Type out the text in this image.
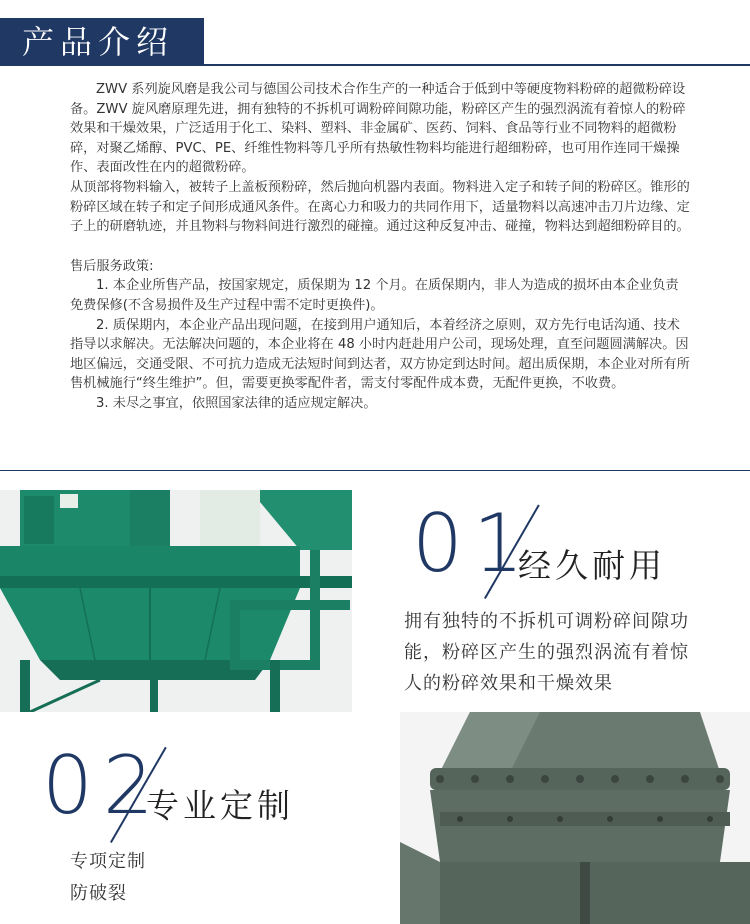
产品介绍

ZWV 系列旋风磨是我公司与德国公司技术合作生产的一种适合于低到中等硬度物料粉碎的超微粉碎设备。ZWV 旋风磨原理先进，拥有独特的不拆机可调粉碎间隙功能，粉碎区产生的强烈涡流有着惊人的粉碎效果和干燥效果，广泛适用于化工、染料、塑料、非金属矿、医药、饲料、食品等行业不同物料的超微粉碎，对聚乙烯醇、PVC、PE、纤维性物料等几乎所有热敏性物料均能进行超细粉碎，也可用作连同干燥操作、表面改性在内的超微粉碎。

从顶部将物料输入，被转子上盖板预粉碎，然后抛向机器内表面。物料进入定子和转子间的粉碎区。锥形的粉碎区域在转子和定子间形成通风条件。在离心力和吸力的共同作用下，适量物料以高速冲击刀片边缘、定子上的研磨轨迹，并且物料与物料间进行激烈的碰撞。通过这种反复冲击、碰撞，物料达到超细粉碎目的。

售后服务政策:

1. 本企业所售产品，按国家规定，质保期为 12 个月。在质保期内，非人为造成的损坏由本企业负责免费保修(不含易损件及生产过程中需不定时更换件)。

2. 质保期内，本企业产品出现问题，在接到用户通知后，本着经济之原则，双方先行电话沟通、技术指导以求解决。无法解决问题的，本企业将在 48 小时内赶赴用户公司，现场处理，直至问题圆满解决。因地区偏远，交通受限、不可抗力造成无法短时间到达者，双方协定到达时间。超出质保期，本企业对所有所售机械施行“终生维护”。但，需要更换零配件者，需支付零配件成本费，无配件更换，不收费。

3. 未尽之事宜，依照国家法律的适应规定解决。

01
经久耐用
拥有独特的不拆机可调粉碎间隙功
能，粉碎区产生的强烈涡流有着惊
人的粉碎效果和干燥效果
02
专业定制
专项定制
防破裂
